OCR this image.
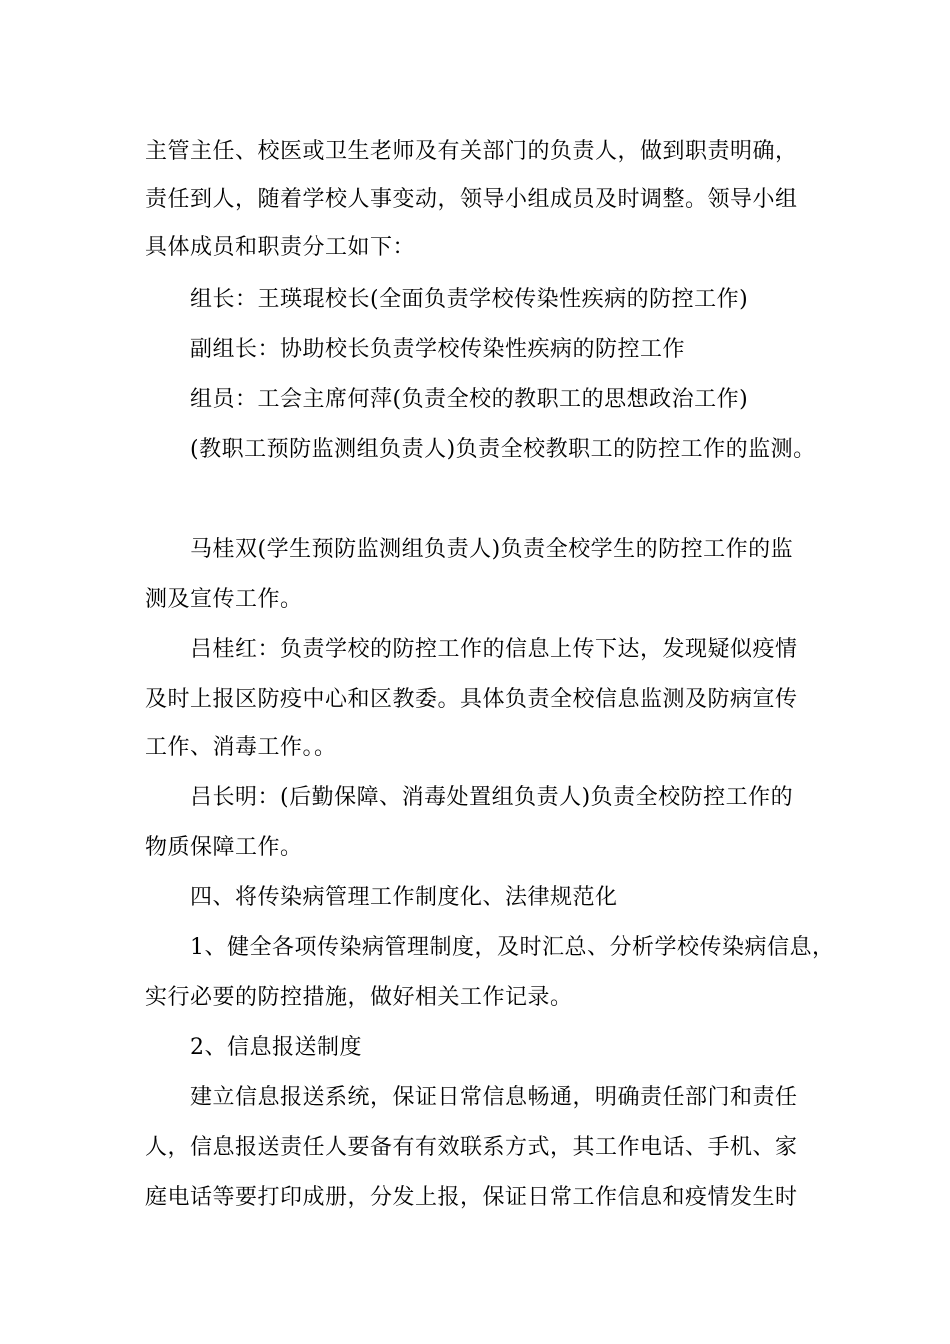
主管主任、校医或卫生老师及有关部门的负责人，做到职责明确，
责任到人，随着学校人事变动，领导小组成员及时调整。领导小组
具体成员和职责分工如下：
组长：王瑛琨校长(全面负责学校传染性疾病的防控工作)
副组长：协助校长负责学校传染性疾病的防控工作
组员：工会主席何萍(负责全校的教职工的思想政治工作)
(教职工预防监测组负责人)负责全校教职工的防控工作的监测。
马桂双(学生预防监测组负责人)负责全校学生的防控工作的监
测及宣传工作。
吕桂红：负责学校的防控工作的信息上传下达，发现疑似疫情
及时上报区防疫中心和区教委。具体负责全校信息监测及防病宣传
工作、消毒工作。。
吕长明：(后勤保障、消毒处置组负责人)负责全校防控工作的
物质保障工作。
四、将传染病管理工作制度化、法律规范化
1、健全各项传染病管理制度，及时汇总、分析学校传染病信息，
实行必要的防控措施，做好相关工作记录。
2、信息报送制度
建立信息报送系统，保证日常信息畅通，明确责任部门和责任
人，信息报送责任人要备有有效联系方式，其工作电话、手机、家
庭电话等要打印成册，分发上报，保证日常工作信息和疫情发生时
